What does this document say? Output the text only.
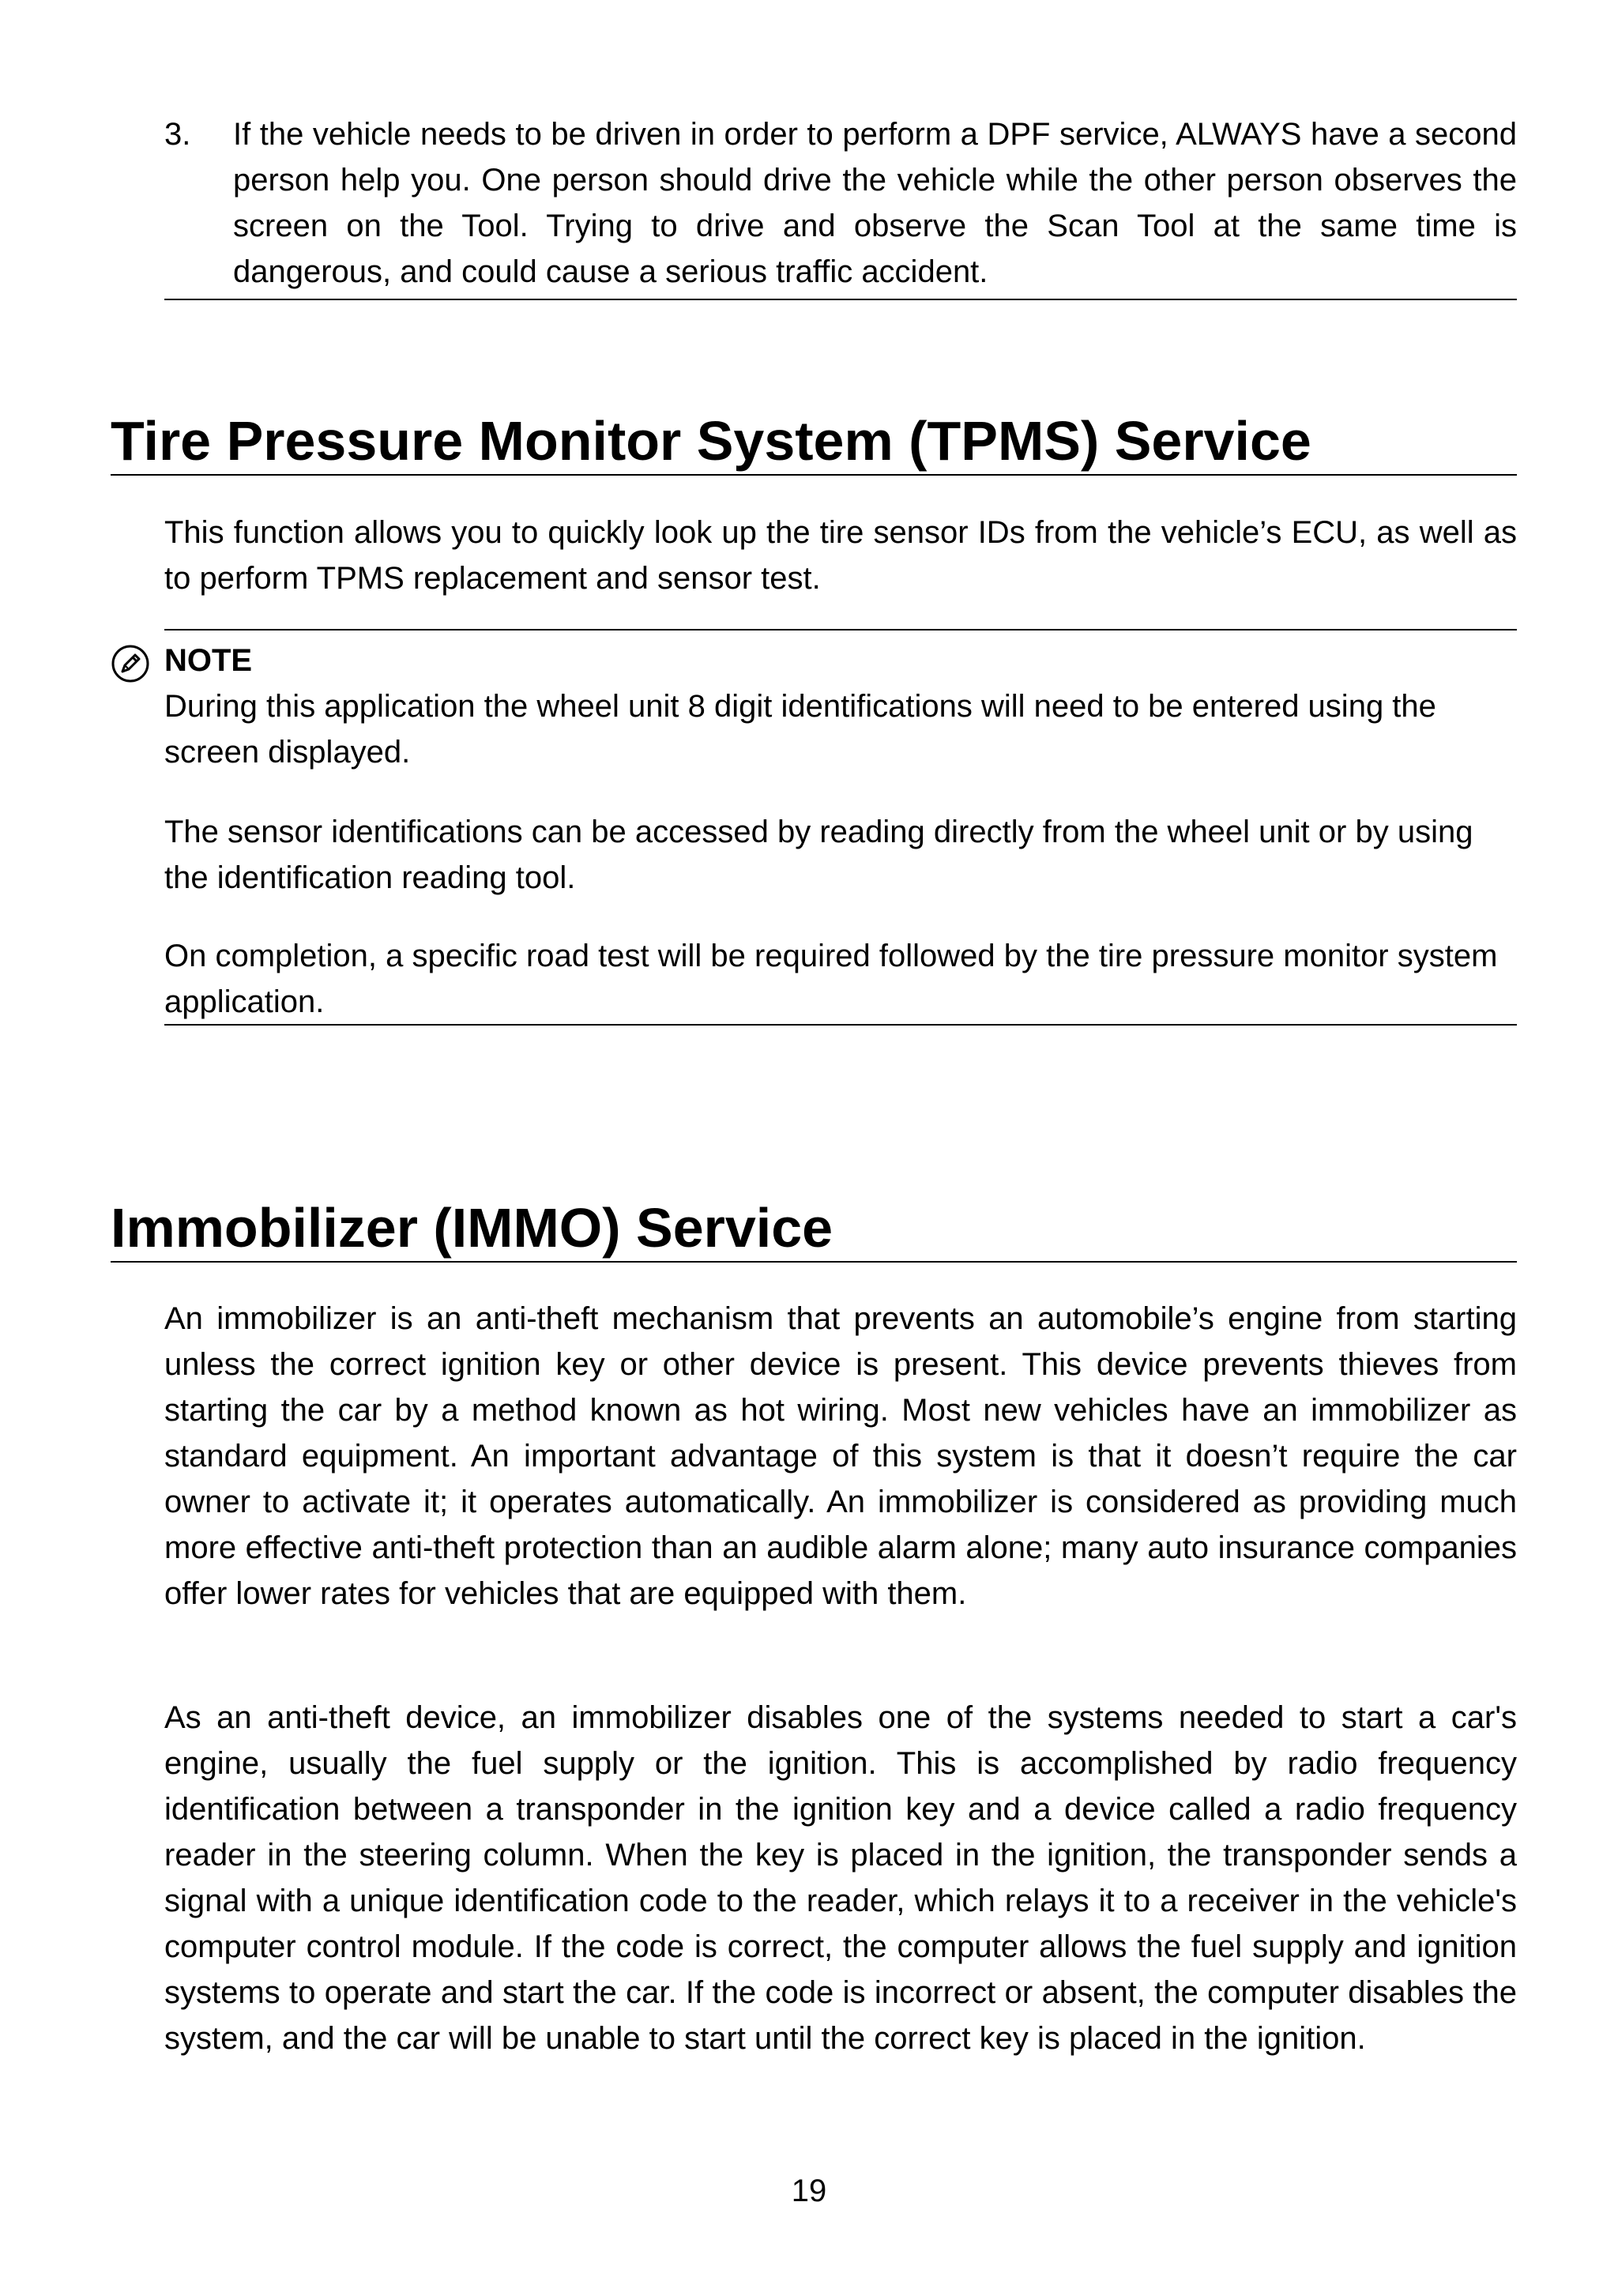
3. If the vehicle needs to be driven in order to perform a DPF service, ALWAYS have a second person help you. One person should drive the vehicle while the other person observes the screen on the Tool. Trying to drive and observe the Scan Tool at the same time is dangerous, and could cause a serious traffic accident.

Tire Pressure Monitor System (TPMS) Service

This function allows you to quickly look up the tire sensor IDs from the vehicle’s ECU, as well as to perform TPMS replacement and sensor test.

NOTE

During this application the wheel unit 8 digit identifications will need to be entered using the screen displayed.

The sensor identifications can be accessed by reading directly from the wheel unit or by using the identification reading tool.

On completion, a specific road test will be required followed by the tire pressure monitor system application.

Immobilizer (IMMO) Service

An immobilizer is an anti-theft mechanism that prevents an automobile’s engine from starting unless the correct ignition key or other device is present. This device prevents thieves from starting the car by a method known as hot wiring. Most new vehicles have an immobilizer as standard equipment. An important advantage of this system is that it doesn’t require the car owner to activate it; it operates automatically. An immobilizer is considered as providing much more effective anti-theft protection than an audible alarm alone; many auto insurance companies offer lower rates for vehicles that are equipped with them.

As an anti-theft device, an immobilizer disables one of the systems needed to start a car's engine, usually the fuel supply or the ignition. This is accomplished by radio frequency identification between a transponder in the ignition key and a device called a radio frequency reader in the steering column. When the key is placed in the ignition, the transponder sends a signal with a unique identification code to the reader, which relays it to a receiver in the vehicle's computer control module. If the code is correct, the computer allows the fuel supply and ignition systems to operate and start the car. If the code is incorrect or absent, the computer disables the system, and the car will be unable to start until the correct key is placed in the ignition.

19
